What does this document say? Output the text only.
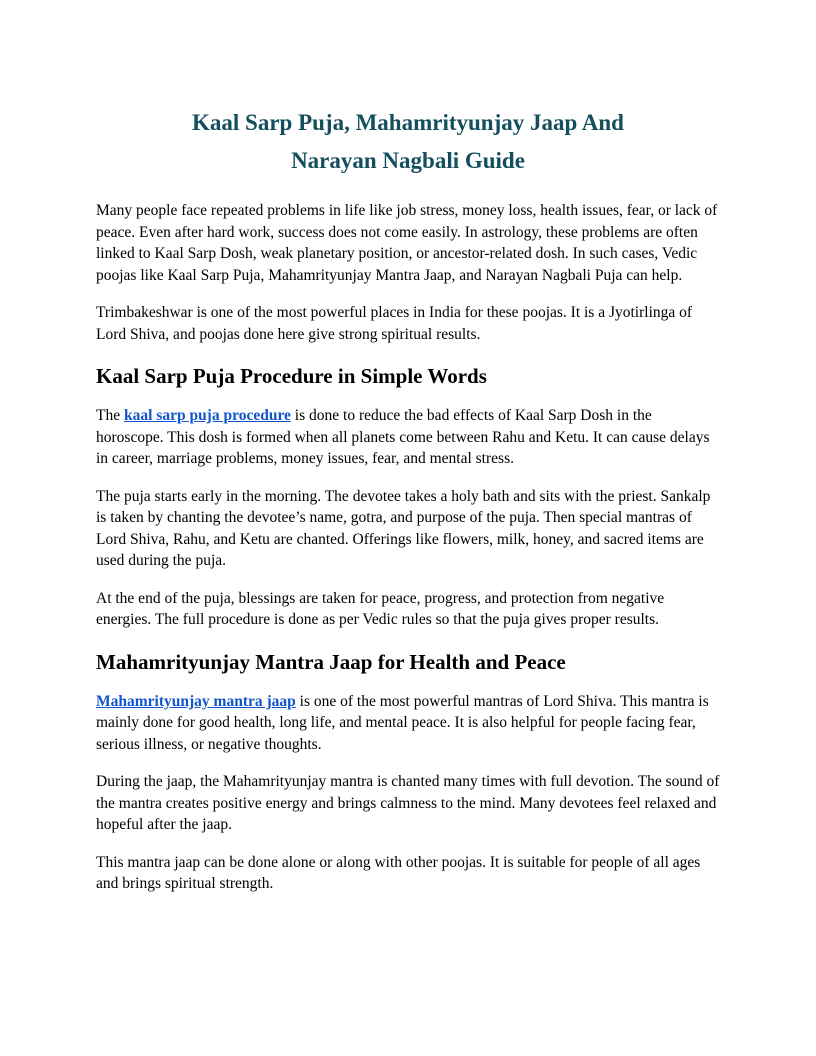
Kaal Sarp Puja, Mahamrityunjay Jaap And
Narayan Nagbali Guide

Many people face repeated problems in life like job stress, money loss, health issues, fear, or lack of peace. Even after hard work, success does not come easily. In astrology, these problems are often linked to Kaal Sarp Dosh, weak planetary position, or ancestor-related dosh. In such cases, Vedic poojas like Kaal Sarp Puja, Mahamrityunjay Mantra Jaap, and Narayan Nagbali Puja can help.

Trimbakeshwar is one of the most powerful places in India for these poojas. It is a Jyotirlinga of Lord Shiva, and poojas done here give strong spiritual results.

Kaal Sarp Puja Procedure in Simple Words

The kaal sarp puja procedure is done to reduce the bad effects of Kaal Sarp Dosh in the horoscope. This dosh is formed when all planets come between Rahu and Ketu. It can cause delays in career, marriage problems, money issues, fear, and mental stress.

The puja starts early in the morning. The devotee takes a holy bath and sits with the priest. Sankalp is taken by chanting the devotee’s name, gotra, and purpose of the puja. Then special mantras of Lord Shiva, Rahu, and Ketu are chanted. Offerings like flowers, milk, honey, and sacred items are used during the puja.

At the end of the puja, blessings are taken for peace, progress, and protection from negative energies. The full procedure is done as per Vedic rules so that the puja gives proper results.

Mahamrityunjay Mantra Jaap for Health and Peace

Mahamrityunjay mantra jaap is one of the most powerful mantras of Lord Shiva. This mantra is mainly done for good health, long life, and mental peace. It is also helpful for people facing fear, serious illness, or negative thoughts.

During the jaap, the Mahamrityunjay mantra is chanted many times with full devotion. The sound of the mantra creates positive energy and brings calmness to the mind. Many devotees feel relaxed and hopeful after the jaap.

This mantra jaap can be done alone or along with other poojas. It is suitable for people of all ages and brings spiritual strength.
